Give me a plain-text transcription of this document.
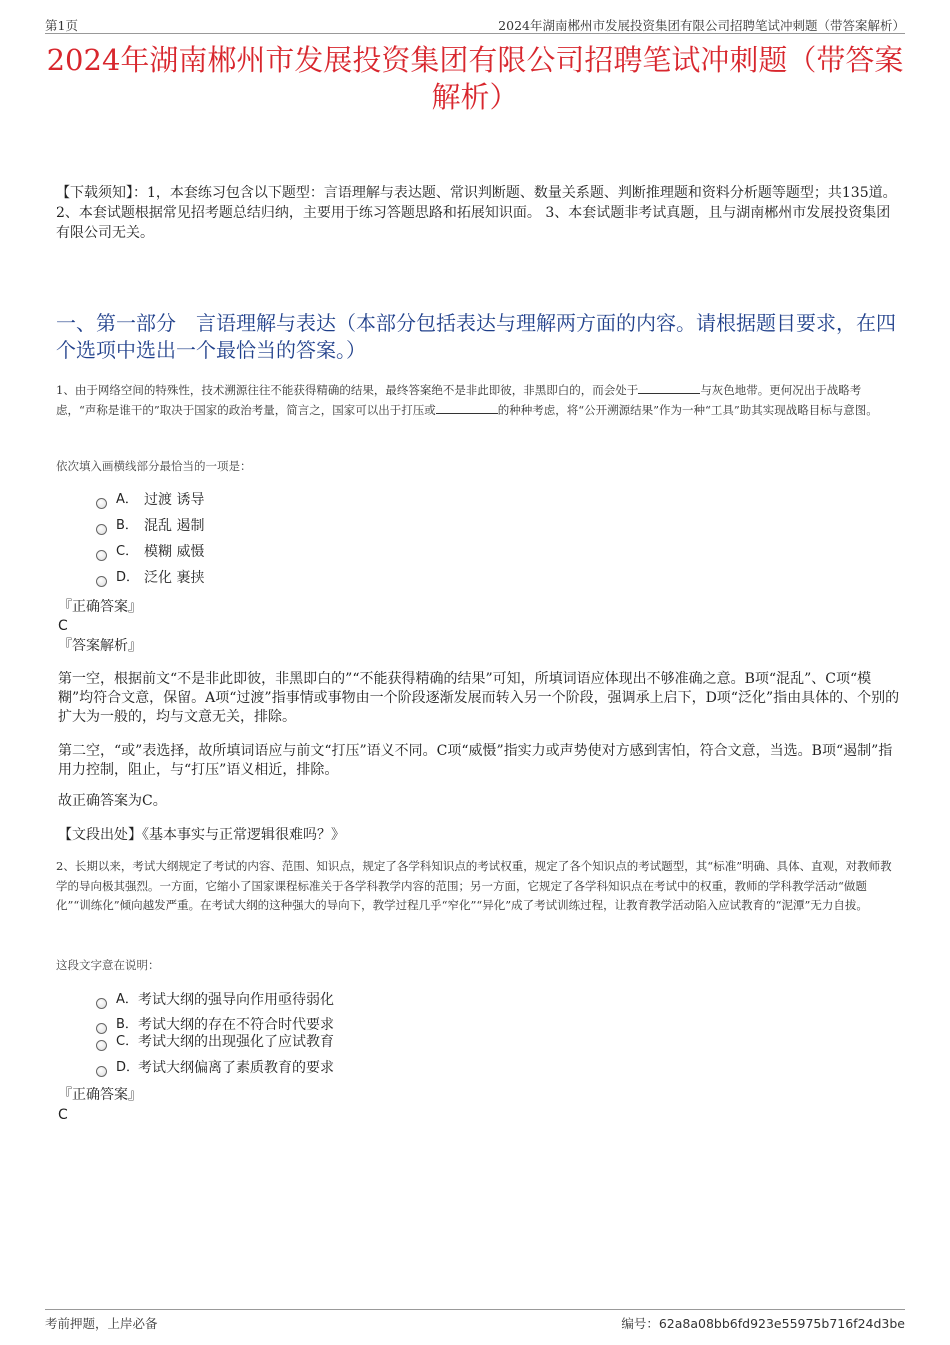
第1页	2024年湖南郴州市发展投资集团有限公司招聘笔试冲刺题（带答案解析）
2024年湖南郴州市发展投资集团有限公司招聘笔试冲刺题（带答案解析）
【下载须知】：1，本套练习包含以下题型：言语理解与表达题、常识判断题、数量关系题、判断推理题和资料分析题等题型；共135道。 2、本套试题根据常见招考题总结归纳，主要用于练习答题思路和拓展知识面。 3、本套试题非考试真题，且与湖南郴州市发展投资集团有限公司无关。
一、第一部分　言语理解与表达（本部分包括表达与理解两方面的内容。请根据题目要求，在四个选项中选出一个最恰当的答案。）
1、由于网络空间的特殊性，技术溯源往往不能获得精确的结果，最终答案绝不是非此即彼，非黑即白的，而会处于	与灰色地带。更何况出于战略考虑，“声称是谁干的”取决于国家的政治考量，简言之，国家可以出于打压或	的种种考虑，将“公开溯源结果”作为一种“工具”助其实现战略目标与意图。
依次填入画横线部分最恰当的一项是：
A． 过渡 诱导
B． 混乱 遏制
C． 模糊 威慑
D． 泛化 裹挟
『正确答案』
C
『答案解析』
第一空，根据前文“不是非此即彼，非黑即白的”“不能获得精确的结果”可知，所填词语应体现出不够准确之意。B项“混乱”、C项“模糊”均符合文意，保留。A项“过渡”指事情或事物由一个阶段逐渐发展而转入另一个阶段，强调承上启下，D项“泛化”指由具体的、个别的扩大为一般的，均与文意无关，排除。
第二空，“或”表选择，故所填词语应与前文“打压”语义不同。C项“威慑”指实力或声势使对方感到害怕，符合文意，当选。B项“遏制”指用力控制，阻止，与“打压”语义相近，排除。
故正确答案为C。
【文段出处】《基本事实与正常逻辑很难吗？》
2、长期以来，考试大纲规定了考试的内容、范围、知识点，规定了各学科知识点的考试权重，规定了各个知识点的考试题型，其“标准”明确、具体、直观，对教师教学的导向极其强烈。一方面，它缩小了国家课程标准关于各学科教学内容的范围；另一方面，它规定了各学科知识点在考试中的权重，教师的学科教学活动“做题化”“训练化”倾向越发严重。在考试大纲的这种强大的导向下，教学过程几乎“窄化”“异化”成了考试训练过程，让教育教学活动陷入应试教育的“泥潭”无力自拔。
这段文字意在说明：
A． 考试大纲的强导向作用亟待弱化
B． 考试大纲的存在不符合时代要求
C． 考试大纲的出现强化了应试教育
D．
考试大纲偏离了素质教育的要求
『正确答案』
C
考前押题，上岸必备	编号：62a8a08bb6fd923e55975b716f24d3be
